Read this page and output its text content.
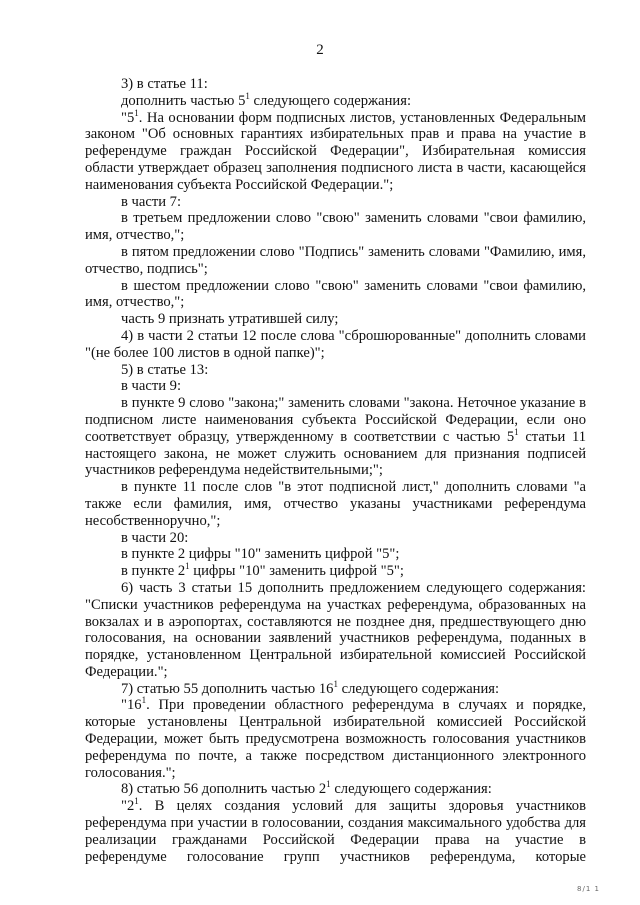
2

3) в статье 11:

дополнить частью $5^1$ следующего содержания:

"$5^1$. На основании форм подписных листов, установленных Федеральным законом "Об основных гарантиях избирательных прав и права на участие в референдуме граждан Российской Федерации", Избирательная комиссия области утверждает образец заполнения подписного листа в части, касающейся наименования субъекта Российской Федерации.";

в части 7:

в третьем предложении слово "свою" заменить словами "свои фамилию, имя, отчество,";

в пятом предложении слово "Подпись" заменить словами "Фамилию, имя, отчество, подпись";

в шестом предложении слово "свою" заменить словами "свои фамилию, имя, отчество,";

часть 9 признать утратившей силу;

4) в части 2 статьи 12 после слова "сброшюрованные" дополнить словами "(не более 100 листов в одной папке)";

5) в статье 13:

в части 9:

в пункте 9 слово "закона;" заменить словами "закона. Неточное указание в подписном листе наименования субъекта Российской Федерации, если оно соответствует образцу, утвержденному в соответствии с частью $5^1$ статьи 11 настоящего закона, не может служить основанием для признания подписей участников референдума недействительными;";

в пункте 11 после слов "в этот подписной лист," дополнить словами "а также если фамилия, имя, отчество указаны участниками референдума несобственноручно,";

в части 20:

в пункте 2 цифры "10" заменить цифрой "5";

в пункте $2^1$ цифры "10" заменить цифрой "5";

6) часть 3 статьи 15 дополнить предложением следующего содержания: "Списки участников референдума на участках референдума, образованных на вокзалах и в аэропортах, составляются не позднее дня, предшествующего дню голосования, на основании заявлений участников референдума, поданных в порядке, установленном Центральной избирательной комиссией Российской Федерации.";

7) статью 55 дополнить частью $16^1$ следующего содержания:

"$16^1$. При проведении областного референдума в случаях и порядке, которые установлены Центральной избирательной комиссией Российской Федерации, может быть предусмотрена возможность голосования участников референдума по почте, а также посредством дистанционного электронного голосования.";

8) статью 56 дополнить частью $2^1$ следующего содержания:

"$2^1$. В целях создания условий для защиты здоровья участников референдума при участии в голосовании, создания максимального удобства для реализации гражданами Российской Федерации права на участие в референдуме голосование групп участников референдума, которые

8/1 1
